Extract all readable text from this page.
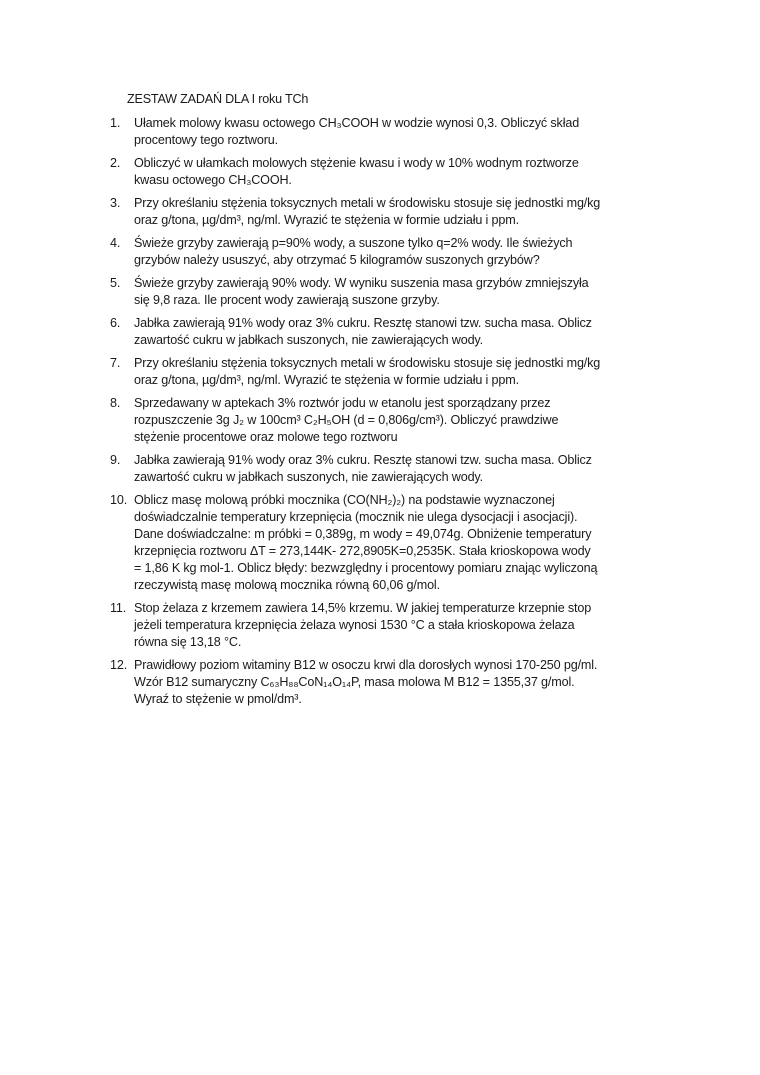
ZESTAW ZADAŃ DLA I roku TCh
1.	Ułamek molowy kwasu octowego CH₃COOH w wodzie wynosi 0,3. Obliczyć skład
procentowy tego roztworu.
2.	Obliczyć w ułamkach molowych stężenie kwasu i wody w 10% wodnym roztworze
kwasu octowego CH₃COOH.
3.	Przy określaniu stężenia toksycznych metali w środowisku stosuje się jednostki mg/kg
oraz g/tona, µg/dm³, ng/ml. Wyrazić te stężenia w formie udziału i ppm.
4.	Świeże grzyby zawierają p=90% wody, a suszone tylko q=2% wody. Ile świeżych
grzybów należy ususzyć, aby otrzymać 5 kilogramów suszonych grzybów?
5.	Świeże grzyby zawierają 90% wody. W wyniku suszenia masa grzybów zmniejszyła
się 9,8 raza. Ile procent wody zawierają suszone grzyby.
6.	Jabłka zawierają 91% wody oraz 3% cukru. Resztę stanowi tzw. sucha masa. Oblicz
zawartość cukru w jabłkach suszonych, nie zawierających wody.
7.	Przy określaniu stężenia toksycznych metali w środowisku stosuje się jednostki mg/kg
oraz g/tona, µg/dm³, ng/ml. Wyrazić te stężenia w formie udziału i ppm.
8.	Sprzedawany w aptekach 3% roztwór jodu w etanolu jest sporządzany przez
rozpuszczenie 3g J₂ w 100cm³ C₂H₅OH (d = 0,806g/cm³). Obliczyć prawdziwe
stężenie procentowe oraz molowe tego roztworu
9.	Jabłka zawierają 91% wody oraz 3% cukru. Resztę stanowi tzw. sucha masa. Oblicz
zawartość cukru w jabłkach suszonych, nie zawierających wody.
10. Oblicz masę molową próbki mocznika (CO(NH₂)₂) na podstawie wyznaczonej
doświadczalnie temperatury krzepnięcia (mocznik nie ulega dysocjacji i asocjacji).
Dane doświadczalne: m próbki = 0,389g, m wody = 49,074g. Obniżenie temperatury
krzepnięcia roztworu ΔT = 273,144K- 272,8905K=0,2535K. Stała krioskopowa wody
= 1,86 K kg mol-1. Oblicz błędy: bezwzględny i procentowy pomiaru znając wyliczoną
rzeczywistą masę molową mocznika równą 60,06 g/mol.
11. Stop żelaza z krzemem zawiera 14,5% krzemu. W jakiej temperaturze krzepnie stop
jeżeli temperatura krzepnięcia żelaza wynosi 1530 °C a stała krioskopowa żelaza
równa się 13,18 °C.
12. Prawidłowy poziom witaminy B12 w osoczu krwi dla dorosłych wynosi 170-250 pg/ml.
Wzór B12 sumaryczny C₆₃H₈₈CoN₁₄O₁₄P, masa molowa M B12 = 1355,37 g/mol.
Wyraź to stężenie w pmol/dm³.
